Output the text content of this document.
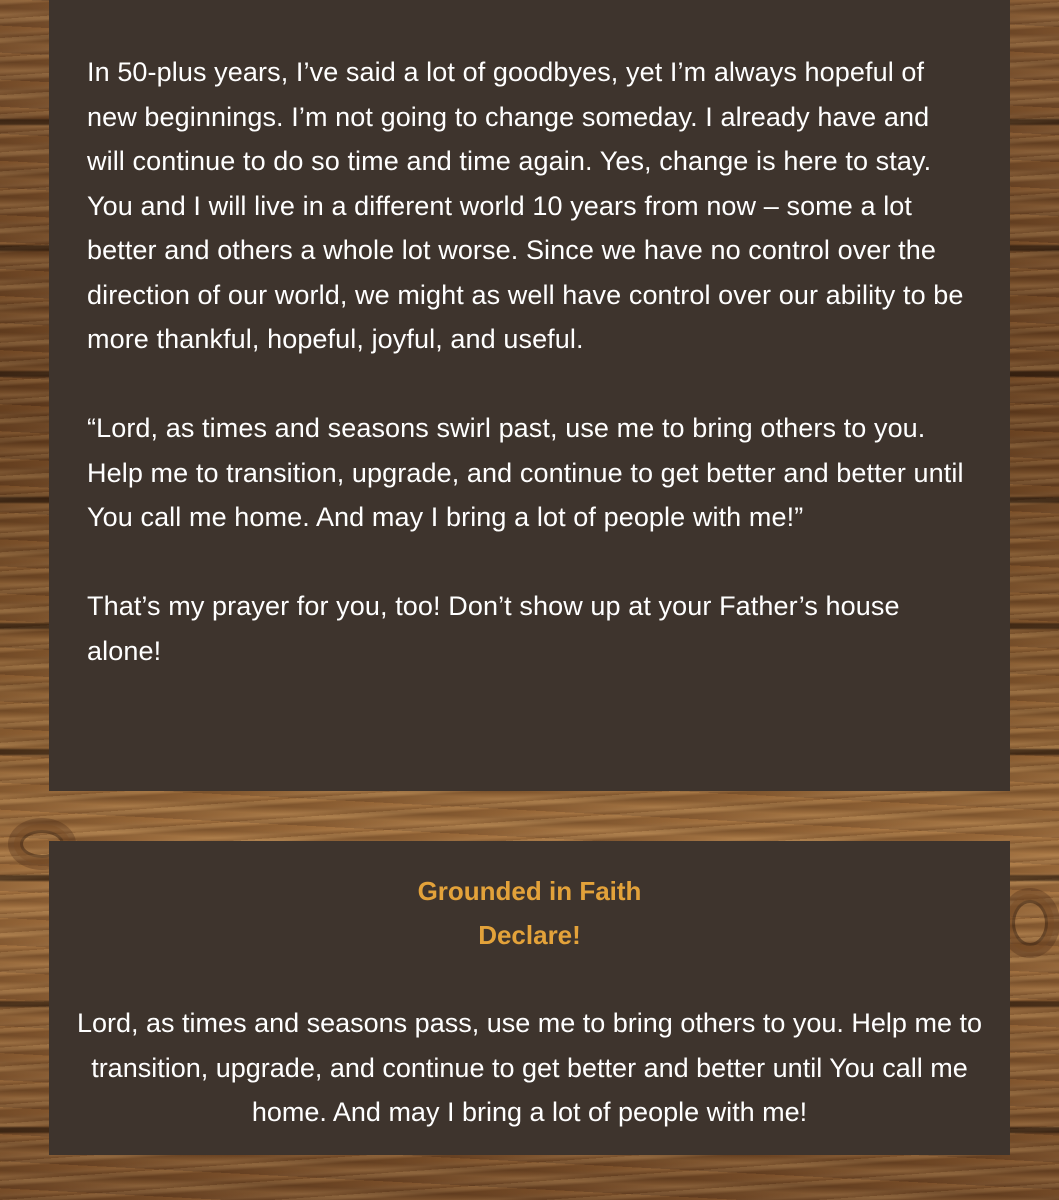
In 50-plus years, I’ve said a lot of goodbyes, yet I’m always hopeful of new beginnings. I’m not going to change someday. I already have and will continue to do so time and time again. Yes, change is here to stay. You and I will live in a different world 10 years from now – some a lot better and others a whole lot worse. Since we have no control over the direction of our world, we might as well have control over our ability to be more thankful, hopeful, joyful, and useful.

“Lord, as times and seasons swirl past, use me to bring others to you. Help me to transition, upgrade, and continue to get better and better until You call me home. And may I bring a lot of people with me!”

That’s my prayer for you, too! Don’t show up at your Father’s house alone!

Grounded in Faith

Declare!

Lord, as times and seasons pass, use me to bring others to you. Help me to transition, upgrade, and continue to get better and better until You call me home. And may I bring a lot of people with me!
